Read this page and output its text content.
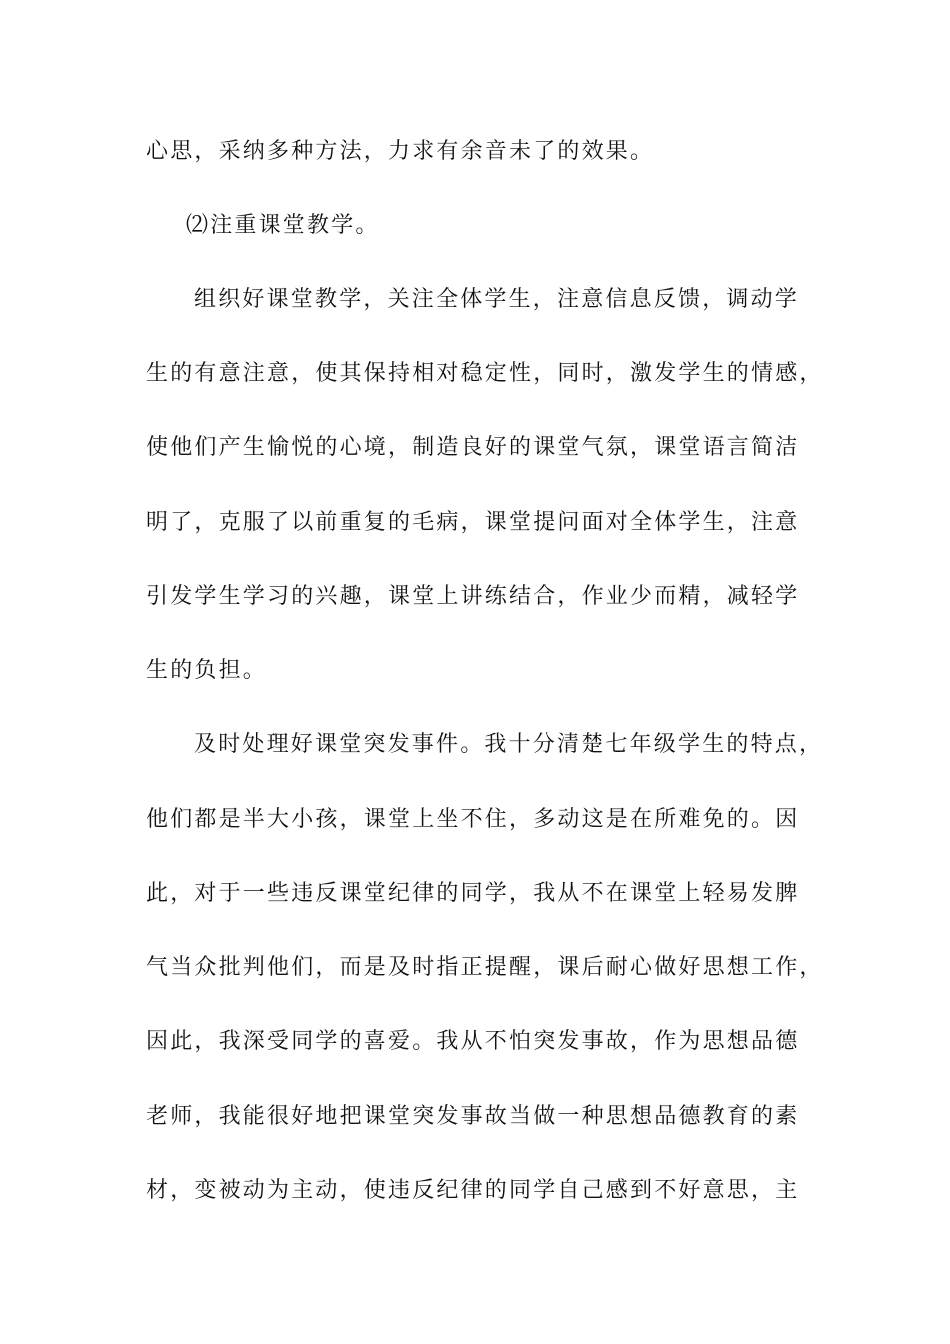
心思，采纳多种方法，力求有余音未了的效果。
⑵注重课堂教学。
组织好课堂教学，关注全体学生，注意信息反馈，调动学
生的有意注意，使其保持相对稳定性，同时，激发学生的情感，
使他们产生愉悦的心境，制造良好的课堂气氛，课堂语言简洁
明了，克服了以前重复的毛病，课堂提问面对全体学生，注意
引发学生学习的兴趣，课堂上讲练结合，作业少而精，减轻学
生的负担。
及时处理好课堂突发事件。我十分清楚七年级学生的特点，
他们都是半大小孩，课堂上坐不住，多动这是在所难免的。因
此，对于一些违反课堂纪律的同学，我从不在课堂上轻易发脾
气当众批判他们，而是及时指正提醒，课后耐心做好思想工作，
因此，我深受同学的喜爱。我从不怕突发事故，作为思想品德
老师，我能很好地把课堂突发事故当做一种思想品德教育的素
材，变被动为主动，使违反纪律的同学自己感到不好意思，主
